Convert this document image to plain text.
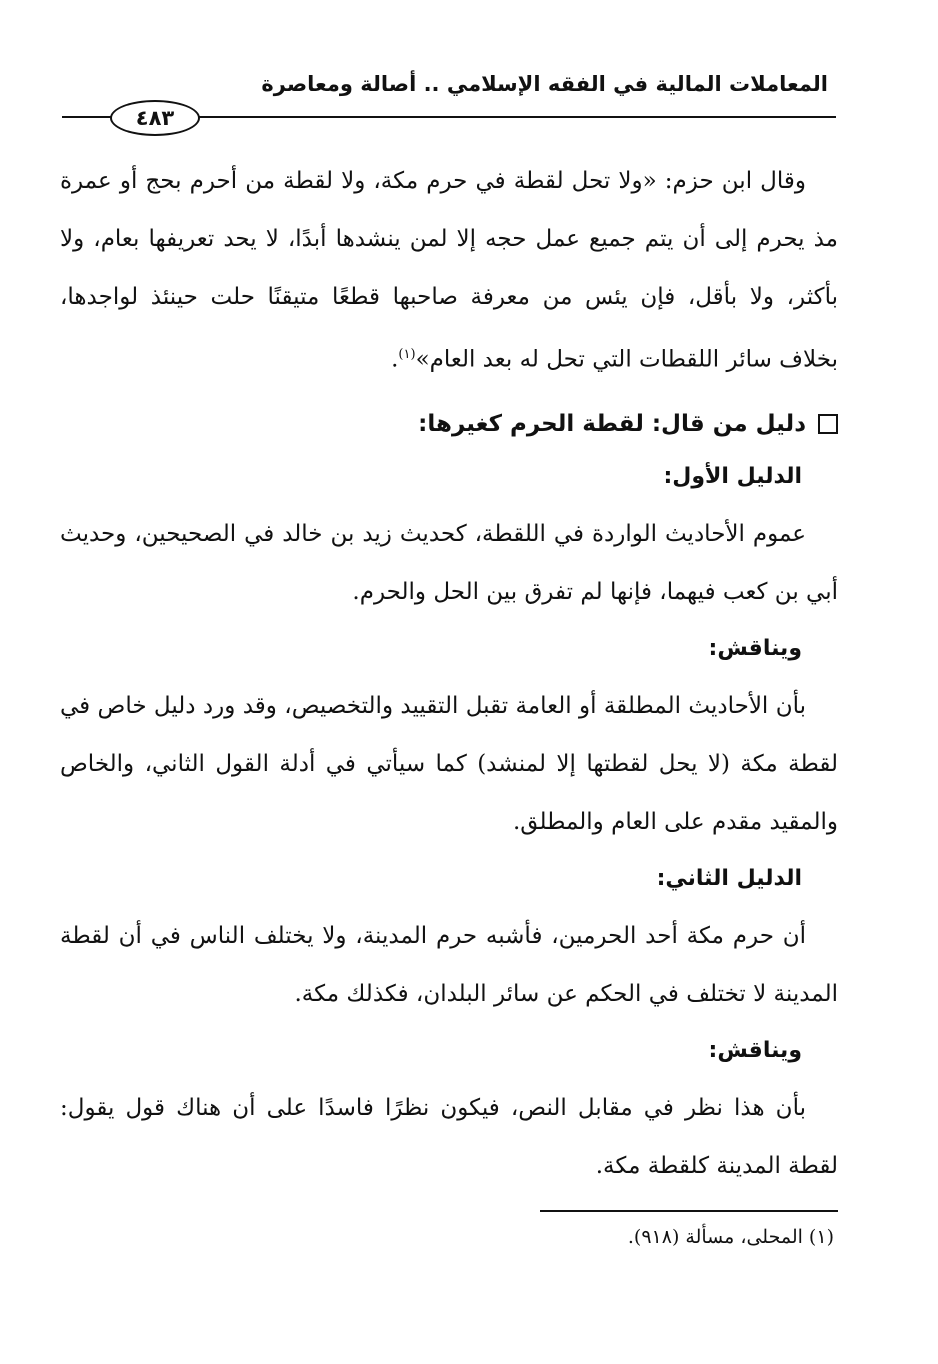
المعاملات المالية في الفقه الإسلامي .. أصالة ومعاصرة
٤٨٣

وقال ابن حزم: «ولا تحل لقطة في حرم مكة، ولا لقطة من أحرم بحج أو عمرة مذ يحرم إلى أن يتم جميع عمل حجه إلا لمن ينشدها أبدًا، لا يحد تعريفها بعام، ولا بأكثر، ولا بأقل، فإن يئس من معرفة صاحبها قطعًا متيقنًا حلت حينئذ لواجدها، بخلاف سائر اللقطات التي تحل له بعد العام»$^{(١)}$.

دليل من قال: لقطة الحرم كغيرها:

الدليل الأول:

عموم الأحاديث الواردة في اللقطة، كحديث زيد بن خالد في الصحيحين، وحديث أبي بن كعب فيهما، فإنها لم تفرق بين الحل والحرم.

ويناقش:

بأن الأحاديث المطلقة أو العامة تقبل التقييد والتخصيص، وقد ورد دليل خاص في لقطة مكة (لا يحل لقطتها إلا لمنشد) كما سيأتي في أدلة القول الثاني، والخاص والمقيد مقدم على العام والمطلق.

الدليل الثاني:

أن حرم مكة أحد الحرمين، فأشبه حرم المدينة، ولا يختلف الناس في أن لقطة المدينة لا تختلف في الحكم عن سائر البلدان، فكذلك مكة.

ويناقش:

بأن هذا نظر في مقابل النص، فيكون نظرًا فاسدًا على أن هناك قول يقول: لقطة المدينة كلقطة مكة.

(١) المحلى، مسألة (٩١٨).
